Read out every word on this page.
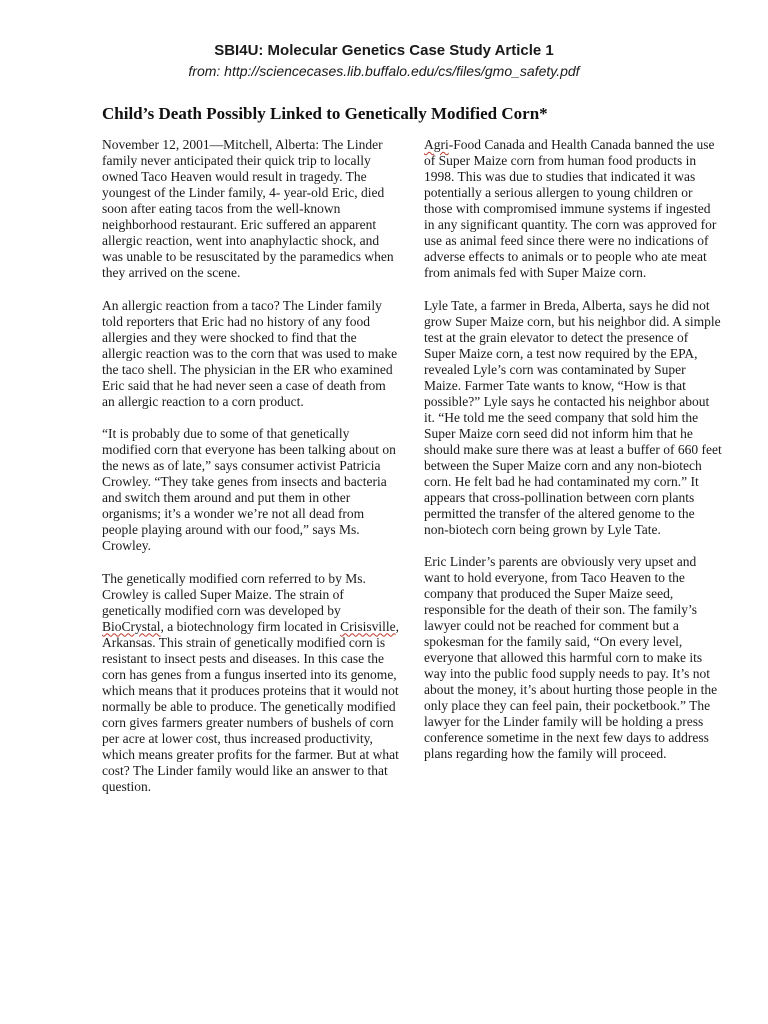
SBI4U: Molecular Genetics Case Study Article 1
from: http://sciencecases.lib.buffalo.edu/cs/files/gmo_safety.pdf
Child’s Death Possibly Linked to Genetically Modified Corn*

November 12, 2001—Mitchell, Alberta: The Linder
family never anticipated their quick trip to locally
owned Taco Heaven would result in tragedy. The
youngest of the Linder family, 4- year-old Eric, died
soon after eating tacos from the well-known
neighborhood restaurant. Eric suffered an apparent
allergic reaction, went into anaphylactic shock, and
was unable to be resuscitated by the paramedics when
they arrived on the scene.

An allergic reaction from a taco? The Linder family
told reporters that Eric had no history of any food
allergies and they were shocked to find that the
allergic reaction was to the corn that was used to make
the taco shell. The physician in the ER who examined
Eric said that he had never seen a case of death from
an allergic reaction to a corn product.

“It is probably due to some of that genetically
modified corn that everyone has been talking about on
the news as of late,” says consumer activist Patricia
Crowley. “They take genes from insects and bacteria
and switch them around and put them in other
organisms; it’s a wonder we’re not all dead from
people playing around with our food,” says Ms.
Crowley.

The genetically modified corn referred to by Ms.
Crowley is called Super Maize. The strain of
genetically modified corn was developed by
BioCrystal, a biotechnology firm located in Crisisville,
Arkansas. This strain of genetically modified corn is
resistant to insect pests and diseases. In this case the
corn has genes from a fungus inserted into its genome,
which means that it produces proteins that it would not
normally be able to produce. The genetically modified
corn gives farmers greater numbers of bushels of corn
per acre at lower cost, thus increased productivity,
which means greater profits for the farmer. But at what
cost? The Linder family would like an answer to that
question.

Agri-Food Canada and Health Canada banned the use
of Super Maize corn from human food products in
1998. This was due to studies that indicated it was
potentially a serious allergen to young children or
those with compromised immune systems if ingested
in any significant quantity. The corn was approved for
use as animal feed since there were no indications of
adverse effects to animals or to people who ate meat
from animals fed with Super Maize corn.

Lyle Tate, a farmer in Breda, Alberta, says he did not
grow Super Maize corn, but his neighbor did. A simple
test at the grain elevator to detect the presence of
Super Maize corn, a test now required by the EPA,
revealed Lyle’s corn was contaminated by Super
Maize. Farmer Tate wants to know, “How is that
possible?” Lyle says he contacted his neighbor about
it. “He told me the seed company that sold him the
Super Maize corn seed did not inform him that he
should make sure there was at least a buffer of 660 feet
between the Super Maize corn and any non-biotech
corn. He felt bad he had contaminated my corn.” It
appears that cross-pollination between corn plants
permitted the transfer of the altered genome to the
non-biotech corn being grown by Lyle Tate.

Eric Linder’s parents are obviously very upset and
want to hold everyone, from Taco Heaven to the
company that produced the Super Maize seed,
responsible for the death of their son. The family’s
lawyer could not be reached for comment but a
spokesman for the family said, “On every level,
everyone that allowed this harmful corn to make its
way into the public food supply needs to pay. It’s not
about the money, it’s about hurting those people in the
only place they can feel pain, their pocketbook.” The
lawyer for the Linder family will be holding a press
conference sometime in the next few days to address
plans regarding how the family will proceed.
